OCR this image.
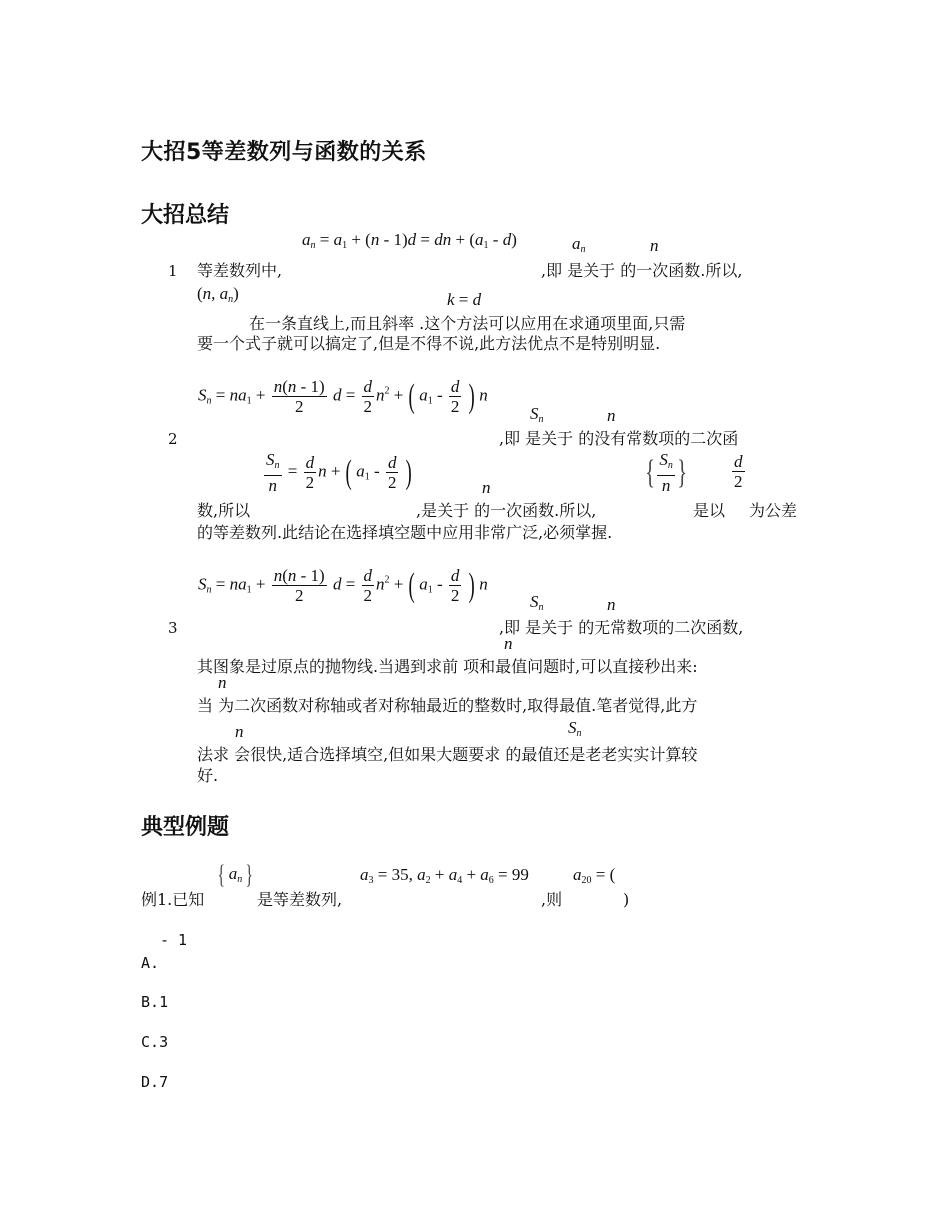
大招5等差数列与函数的关系
大招总结
$a_n = a_1 + (n - 1)d$ = dn + $(a_1 - d)$	$a_n$	n
1 等差数列中,	,即 是关于 的一次函数.所以,
(n, $a_n$)	k = d
在一条直线上,而且斜率 .这个方法可以应用在求通项里面,只需
要一个式子就可以搞定了,但是不得不说,此方法优点不是特别明显.
$S_n = na_1 + \frac{n(n - 1)}{2}$ $d = \frac{d}{2} n^2$ + ( $a_1 - \frac{d}{2}$ ) n
$S_n$	n
2	,即 是关于 的没有常数项的二次函
$\frac{S_n}{n} = \frac{d}{2}$ n + ( $a_1 - \frac{d}{2}$ )	{ $\frac{S_n}{n}$ }	$\frac{d}{2}$
n
数,所以	,是关于 的一次函数.所以,	是以 为公差
的等差数列.此结论在选择填空题中应用非常广泛,必须掌握.
$S_n = na_1 + \frac{n(n - 1)}{2}$ $d = \frac{d}{2} n^2$ + ( $a_1 - \frac{d}{2}$ ) n
$S_n$	n
3	,即 是关于 的无常数项的二次函数,
n
其图象是过原点的抛物线.当遇到求前 项和最值问题时,可以直接秒出来:
n
当 为二次函数对称轴或者对称轴最近的整数时,取得最值.笔者觉得,此方
n	$S_n$
法求 会很快,适合选择填空,但如果大题要求 的最值还是老老实实计算较
好.
典型例题
{ $a_n$ }	$a_3 = 35$, $a_2 + a_4 + a_6 = 99$	$a_{20}$ = (
例1.已知	是等差数列,	,则	)
- 1
A.
B.1
C.3
D.7
